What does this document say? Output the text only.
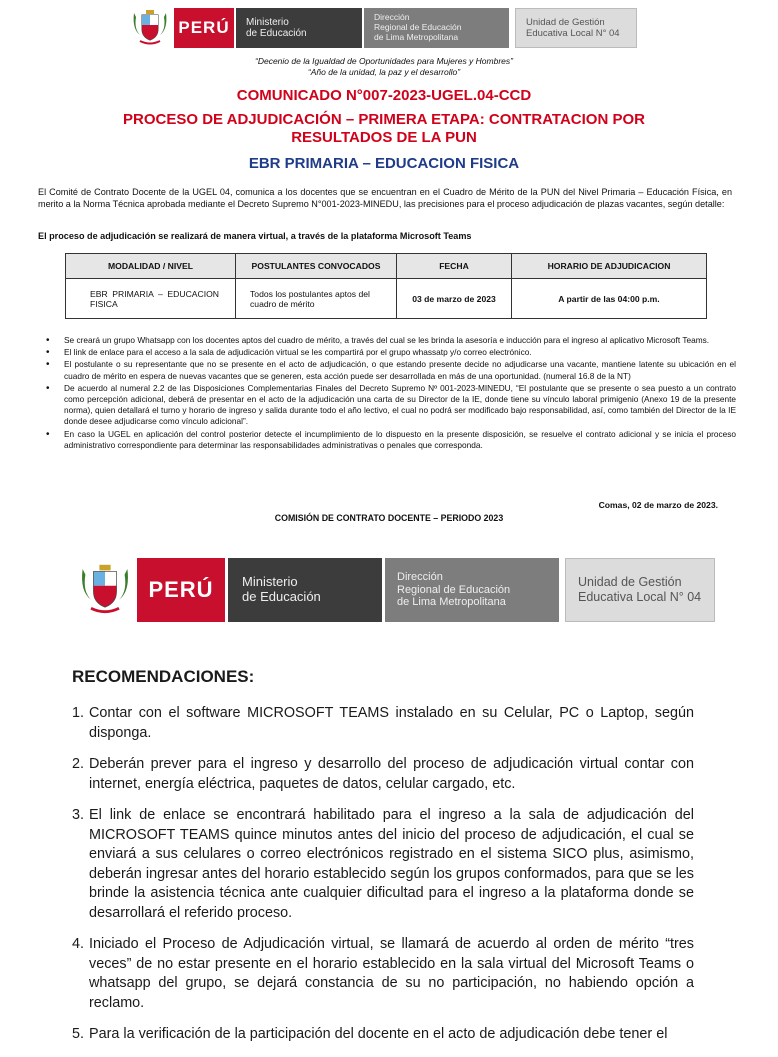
PERÚ	Ministerio
de Educación
Dirección
Regional de Educación
de Lima Metropolitana
Unidad de Gestión
Educativa Local N° 04
“Decenio de la Igualdad de Oportunidades para Mujeres y Hombres”
“Año de la unidad, la paz y el desarrollo”
COMUNICADO N°007-2023-UGEL.04-CCD
PROCESO DE ADJUDICACIÓN – PRIMERA ETAPA: CONTRATACION POR RESULTADOS DE LA PUN
EBR PRIMARIA – EDUCACION FISICA

El Comité de Contrato Docente de la UGEL 04, comunica a los docentes que se encuentran en el Cuadro de Mérito de la PUN del Nivel Primaria – Educación Física, en merito a la Norma Técnica aprobada mediante el Decreto Supremo N°001-2023-MINEDU, las precisiones para el proceso adjudicación de plazas vacantes, según detalle:

El proceso de adjudicación se realizará de manera virtual, a través de la plataforma Microsoft Teams

MODALIDAD / NIVEL	POSTULANTES CONVOCADOS	FECHA	HORARIO DE ADJUDICACION
EBR PRIMARIA – EDUCACION FISICA	Todos los postulantes aptos del cuadro de mérito	03 de marzo de 2023	A partir de las 04:00 p.m.
• Se creará un grupo Whatsapp con los docentes aptos del cuadro de mérito, a través del cual se les brinda la asesoría e inducción para el ingreso al aplicativo Microsoft Teams.
• El link de enlace para el acceso a la sala de adjudicación virtual se les compartirá por el grupo whassatp y/o correo electrónico.
• El postulante o su representante que no se presente en el acto de adjudicación, o que estando presente decide no adjudicarse una vacante, mantiene latente su ubicación en el cuadro de mérito en espera de nuevas vacantes que se generen, esta acción puede ser desarrollada en más de una oportunidad. (numeral 16.8 de la NT)
• De acuerdo al numeral 2.2 de las Disposiciones Complementarias Finales del Decreto Supremo Nº 001-2023-MINEDU, “El postulante que se presente o sea puesto a un contrato como percepción adicional, deberá de presentar en el acto de la adjudicación una carta de su Director de la IE, donde tiene su vínculo laboral primigenio (Anexo 19 de la presente norma), quien detallará el turno y horario de ingreso y salida durante todo el año lectivo, el cual no podrá ser modificado bajo responsabilidad, así, como también del Director de la IE donde desee adjudicarse como vínculo adicional”.
• En caso la UGEL en aplicación del control posterior detecte el incumplimiento de lo dispuesto en la presente disposición, se resuelve el contrato adicional y se inicia el proceso administrativo correspondiente para determinar las responsabilidades administrativas o penales que corresponda.
Comas, 02 de marzo de 2023.
COMISIÓN DE CONTRATO DOCENTE – PERIODO 2023
PERÚ	Ministerio
de Educación
Dirección
Regional de Educación
de Lima Metropolitana
Unidad de Gestión
Educativa Local N° 04
RECOMENDACIONES:
1. Contar con el software MICROSOFT TEAMS instalado en su Celular, PC o Laptop, según disponga.
2. Deberán prever para el ingreso y desarrollo del proceso de adjudicación virtual contar con internet, energía eléctrica, paquetes de datos, celular cargado, etc.
3. El link de enlace se encontrará habilitado para el ingreso a la sala de adjudicación del MICROSOFT TEAMS quince minutos antes del inicio del proceso de adjudicación, el cual se enviará a sus celulares o correo electrónicos registrado en el sistema SICO plus, asimismo, deberán ingresar antes del horario establecido según los grupos conformados, para que se les brinde la asistencia técnica ante cualquier dificultad para el ingreso a la plataforma donde se desarrollará el referido proceso.
4. Iniciado el Proceso de Adjudicación virtual, se llamará de acuerdo al orden de mérito “tres veces” de no estar presente en el horario establecido en la sala virtual del Microsoft Teams o whatsapp del grupo, se dejará constancia de su no participación, no habiendo opción a reclamo.
5. Para la verificación de la participación del docente en el acto de adjudicación debe tener el
